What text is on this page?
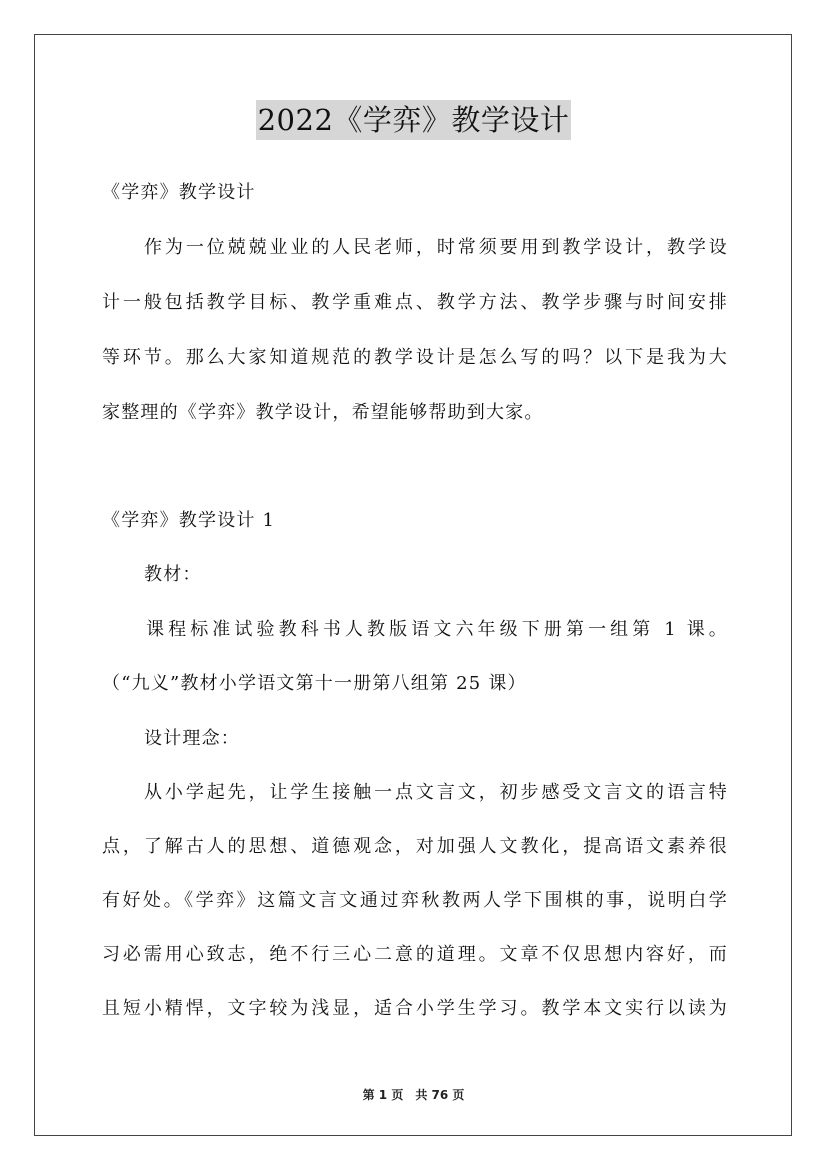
2022《学弈》教学设计
《学弈》教学设计
作为一位兢兢业业的人民老师，时常须要用到教学设计，教学设
计一般包括教学目标、教学重难点、教学方法、教学步骤与时间安排
等环节。那么大家知道规范的教学设计是怎么写的吗？以下是我为大
家整理的《学弈》教学设计，希望能够帮助到大家。
《学弈》教学设计 1
教材：
课程标准试验教科书人教版语文六年级下册第一组第 1 课。
（“九义”教材小学语文第十一册第八组第 25 课）
设计理念：
从小学起先，让学生接触一点文言文，初步感受文言文的语言特
点，了解古人的思想、道德观念，对加强人文教化，提高语文素养很
有好处。《学弈》这篇文言文通过弈秋教两人学下围棋的事，说明白学
习必需用心致志，绝不行三心二意的道理。文章不仅思想内容好，而
且短小精悍，文字较为浅显，适合小学生学习。教学本文实行以读为
第 1 页　共 76 页
